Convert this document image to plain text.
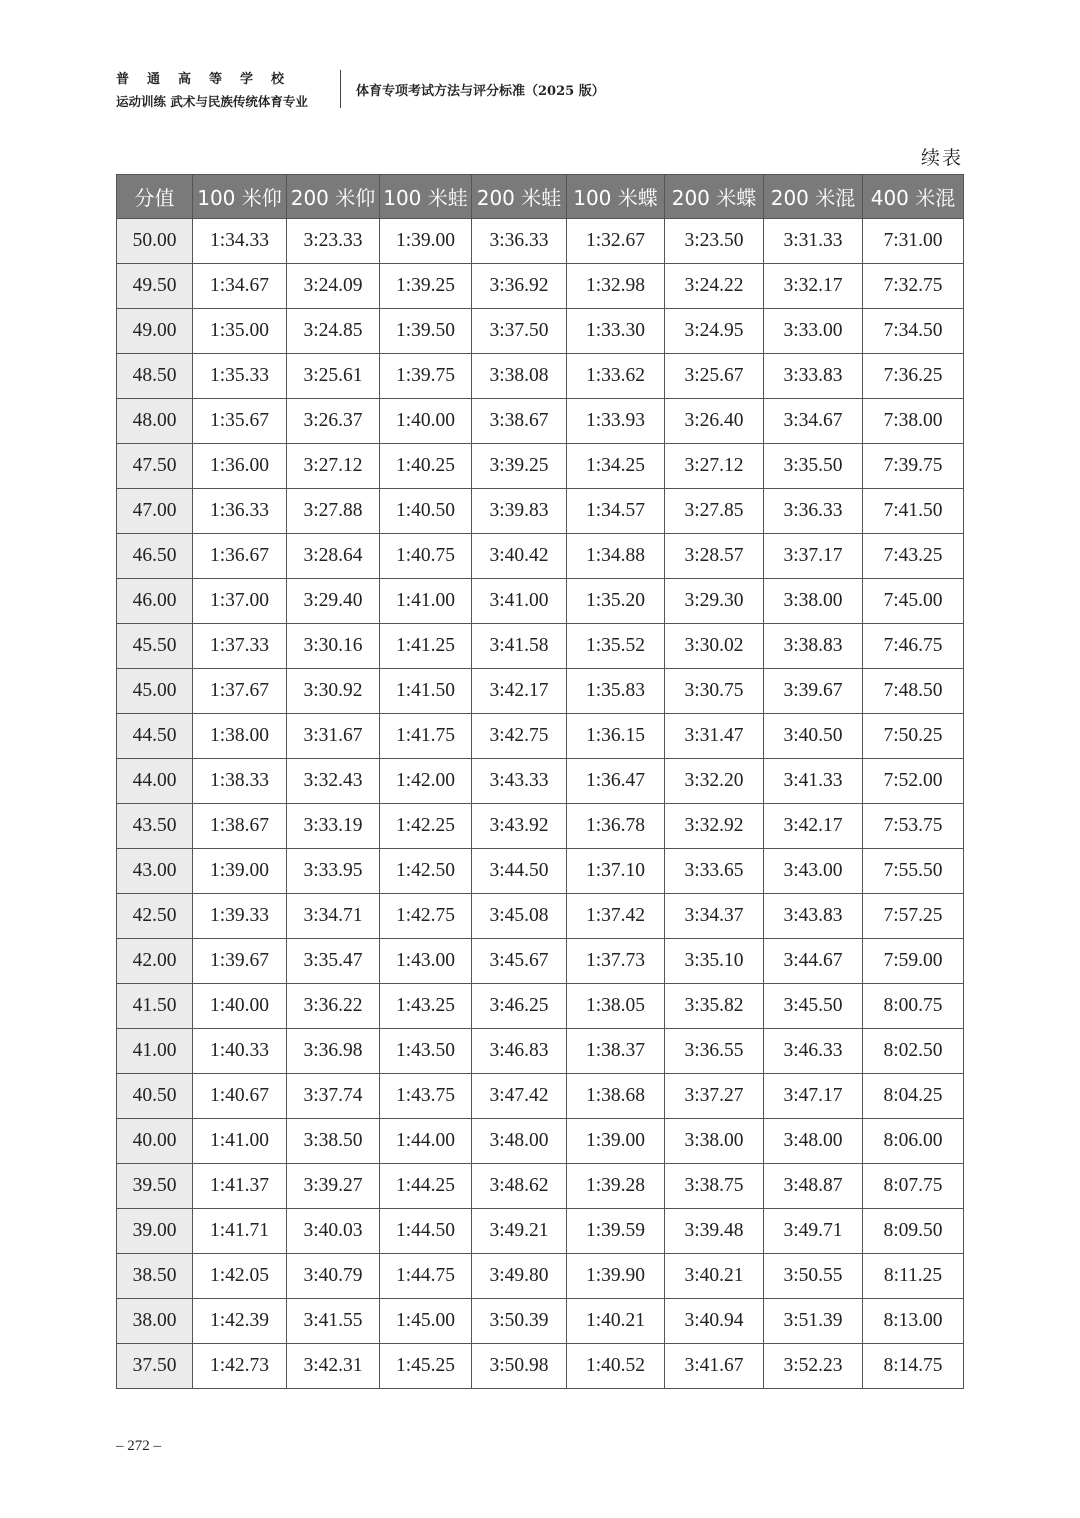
普通高等学校
运动训练 武术与民族传统体育专业
体育专项考试方法与评分标准（2025 版）
续表
分值	100 米仰	200 米仰	100 米蛙	200 米蛙	100 米蝶	200 米蝶	200 米混	400 米混
50.00	1:34.33	3:23.33	1:39.00	3:36.33	1:32.67	3:23.50	3:31.33	7:31.00
49.50	1:34.67	3:24.09	1:39.25	3:36.92	1:32.98	3:24.22	3:32.17	7:32.75
49.00	1:35.00	3:24.85	1:39.50	3:37.50	1:33.30	3:24.95	3:33.00	7:34.50
48.50	1:35.33	3:25.61	1:39.75	3:38.08	1:33.62	3:25.67	3:33.83	7:36.25
48.00	1:35.67	3:26.37	1:40.00	3:38.67	1:33.93	3:26.40	3:34.67	7:38.00
47.50	1:36.00	3:27.12	1:40.25	3:39.25	1:34.25	3:27.12	3:35.50	7:39.75
47.00	1:36.33	3:27.88	1:40.50	3:39.83	1:34.57	3:27.85	3:36.33	7:41.50
46.50	1:36.67	3:28.64	1:40.75	3:40.42	1:34.88	3:28.57	3:37.17	7:43.25
46.00	1:37.00	3:29.40	1:41.00	3:41.00	1:35.20	3:29.30	3:38.00	7:45.00
45.50	1:37.33	3:30.16	1:41.25	3:41.58	1:35.52	3:30.02	3:38.83	7:46.75
45.00	1:37.67	3:30.92	1:41.50	3:42.17	1:35.83	3:30.75	3:39.67	7:48.50
44.50	1:38.00	3:31.67	1:41.75	3:42.75	1:36.15	3:31.47	3:40.50	7:50.25
44.00	1:38.33	3:32.43	1:42.00	3:43.33	1:36.47	3:32.20	3:41.33	7:52.00
43.50	1:38.67	3:33.19	1:42.25	3:43.92	1:36.78	3:32.92	3:42.17	7:53.75
43.00	1:39.00	3:33.95	1:42.50	3:44.50	1:37.10	3:33.65	3:43.00	7:55.50
42.50	1:39.33	3:34.71	1:42.75	3:45.08	1:37.42	3:34.37	3:43.83	7:57.25
42.00	1:39.67	3:35.47	1:43.00	3:45.67	1:37.73	3:35.10	3:44.67	7:59.00
41.50	1:40.00	3:36.22	1:43.25	3:46.25	1:38.05	3:35.82	3:45.50	8:00.75
41.00	1:40.33	3:36.98	1:43.50	3:46.83	1:38.37	3:36.55	3:46.33	8:02.50
40.50	1:40.67	3:37.74	1:43.75	3:47.42	1:38.68	3:37.27	3:47.17	8:04.25
40.00	1:41.00	3:38.50	1:44.00	3:48.00	1:39.00	3:38.00	3:48.00	8:06.00
39.50	1:41.37	3:39.27	1:44.25	3:48.62	1:39.28	3:38.75	3:48.87	8:07.75
39.00	1:41.71	3:40.03	1:44.50	3:49.21	1:39.59	3:39.48	3:49.71	8:09.50
38.50	1:42.05	3:40.79	1:44.75	3:49.80	1:39.90	3:40.21	3:50.55	8:11.25
38.00	1:42.39	3:41.55	1:45.00	3:50.39	1:40.21	3:40.94	3:51.39	8:13.00
37.50	1:42.73	3:42.31	1:45.25	3:50.98	1:40.52	3:41.67	3:52.23	8:14.75
– 272 –
